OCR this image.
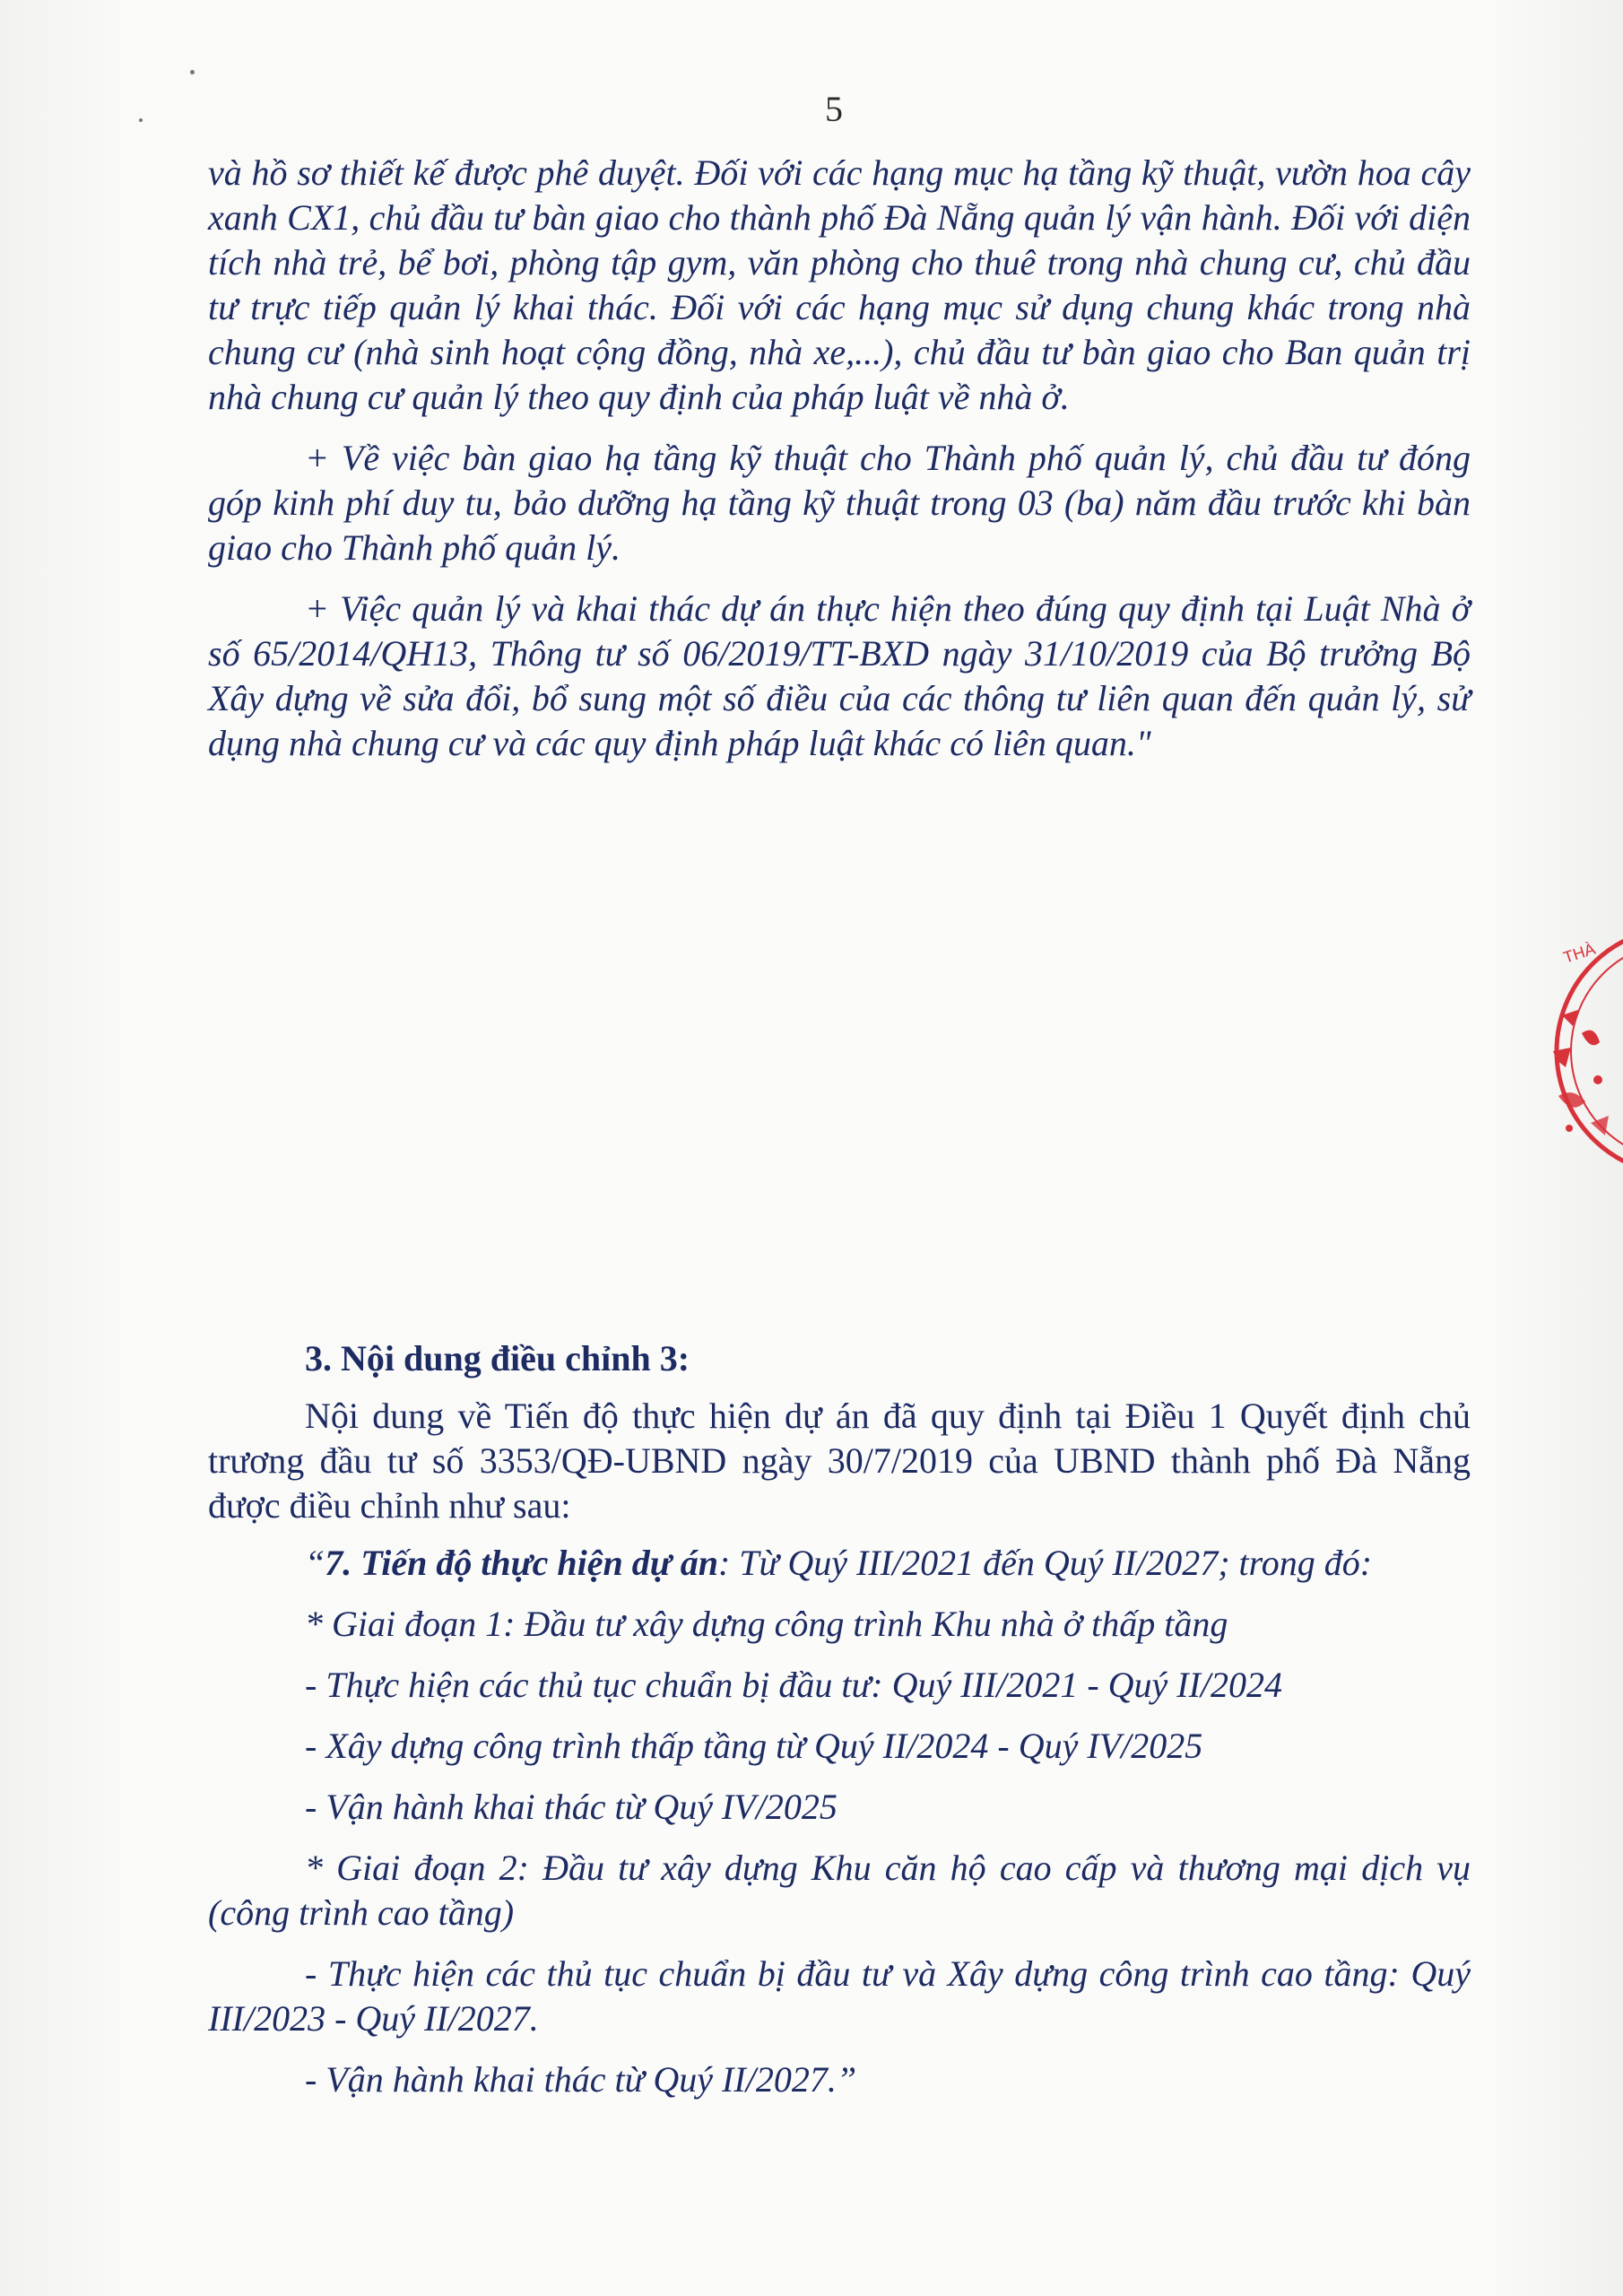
5

và hồ sơ thiết kế được phê duyệt. Đối với các hạng mục hạ tầng kỹ thuật, vườn hoa cây xanh CX1, chủ đầu tư bàn giao cho thành phố Đà Nẵng quản lý vận hành. Đối với diện tích nhà trẻ, bể bơi, phòng tập gym, văn phòng cho thuê trong nhà chung cư, chủ đầu tư trực tiếp quản lý khai thác. Đối với các hạng mục sử dụng chung khác trong nhà chung cư (nhà sinh hoạt cộng đồng, nhà xe,...), chủ đầu tư bàn giao cho Ban quản trị nhà chung cư quản lý theo quy định của pháp luật về nhà ở.

+ Về việc bàn giao hạ tầng kỹ thuật cho Thành phố quản lý, chủ đầu tư đóng góp kinh phí duy tu, bảo dưỡng hạ tầng kỹ thuật trong 03 (ba) năm đầu trước khi bàn giao cho Thành phố quản lý.

+ Việc quản lý và khai thác dự án thực hiện theo đúng quy định tại Luật Nhà ở số 65/2014/QH13, Thông tư số 06/2019/TT-BXD ngày 31/10/2019 của Bộ trưởng Bộ Xây dựng về sửa đổi, bổ sung một số điều của các thông tư liên quan đến quản lý, sử dụng nhà chung cư và các quy định pháp luật khác có liên quan."

3. Nội dung điều chỉnh 3:

Nội dung về Tiến độ thực hiện dự án đã quy định tại Điều 1 Quyết định chủ trương đầu tư số 3353/QĐ-UBND ngày 30/7/2019 của UBND thành phố Đà Nẵng được điều chỉnh như sau:

“7. Tiến độ thực hiện dự án: Từ Quý III/2021 đến Quý II/2027; trong đó:

* Giai đoạn 1: Đầu tư xây dựng công trình Khu nhà ở thấp tầng

- Thực hiện các thủ tục chuẩn bị đầu tư: Quý III/2021 - Quý II/2024

- Xây dựng công trình thấp tầng từ Quý II/2024 - Quý IV/2025

- Vận hành khai thác từ Quý IV/2025

* Giai đoạn 2: Đầu tư xây dựng Khu căn hộ cao cấp và thương mại dịch vụ (công trình cao tầng)

- Thực hiện các thủ tục chuẩn bị đầu tư và Xây dựng công trình cao tầng: Quý III/2023 - Quý II/2027.

- Vận hành khai thác từ Quý II/2027.”

THÀ
